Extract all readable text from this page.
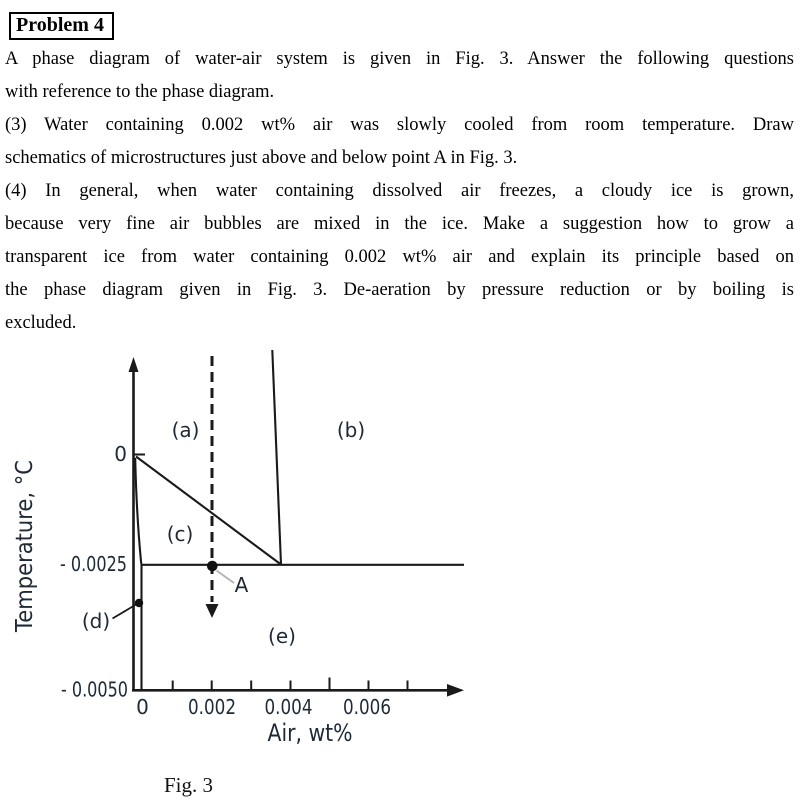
Problem 4
A phase diagram of water-air system is given in Fig. 3. Answer the following questions
with reference to the phase diagram.
(3) Water containing 0.002 wt% air was slowly cooled from room temperature. Draw
schematics of microstructures just above and below point A in Fig. 3.
(4) In general, when water containing dissolved air freezes, a cloudy ice is grown,
because very fine air bubbles are mixed in the ice. Make a suggestion how to grow a
transparent ice from water containing 0.002 wt% air and explain its principle based on
the phase diagram given in Fig. 3. De-aeration by pressure reduction or by boiling is
excluded.
A
(d)
(a)	(b)
(c)
(e)
0
- 0.0025
- 0.0050
0 0.002 0.004 0.006
Air, wt%
Temperature, °C
Fig. 3
